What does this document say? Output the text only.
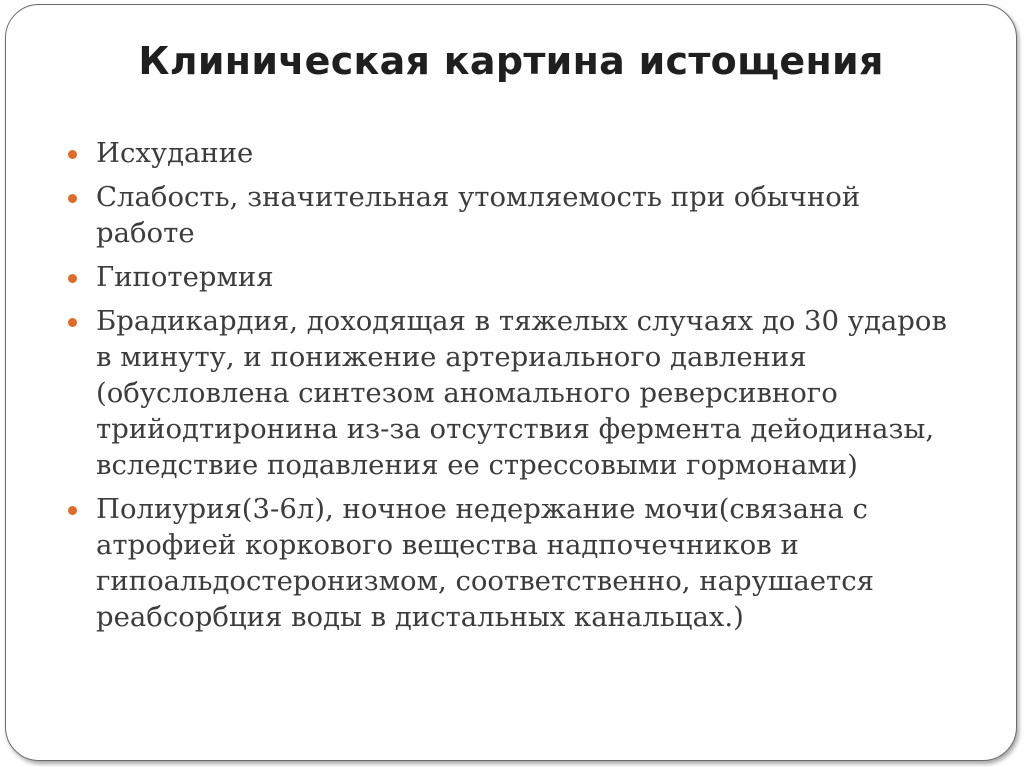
Клиническая картина истощения
Исхудание
Слабость, значительная утомляемость при обычной работе
Гипотермия
Брадикардия, доходящая в тяжелых случаях до 30 ударов в минуту, и понижение артериального давления (обусловлена синтезом аномального реверсивного трийодтиронина из-за отсутствия фермента дейодиназы, вследствие подавления ее стрессовыми гормонами)
Полиурия(3-6л), ночное недержание мочи(связана с атрофией коркового вещества надпочечников и гипоальдостеронизмом, соответственно, нарушается реабсорбция воды в дистальных канальцах.)
